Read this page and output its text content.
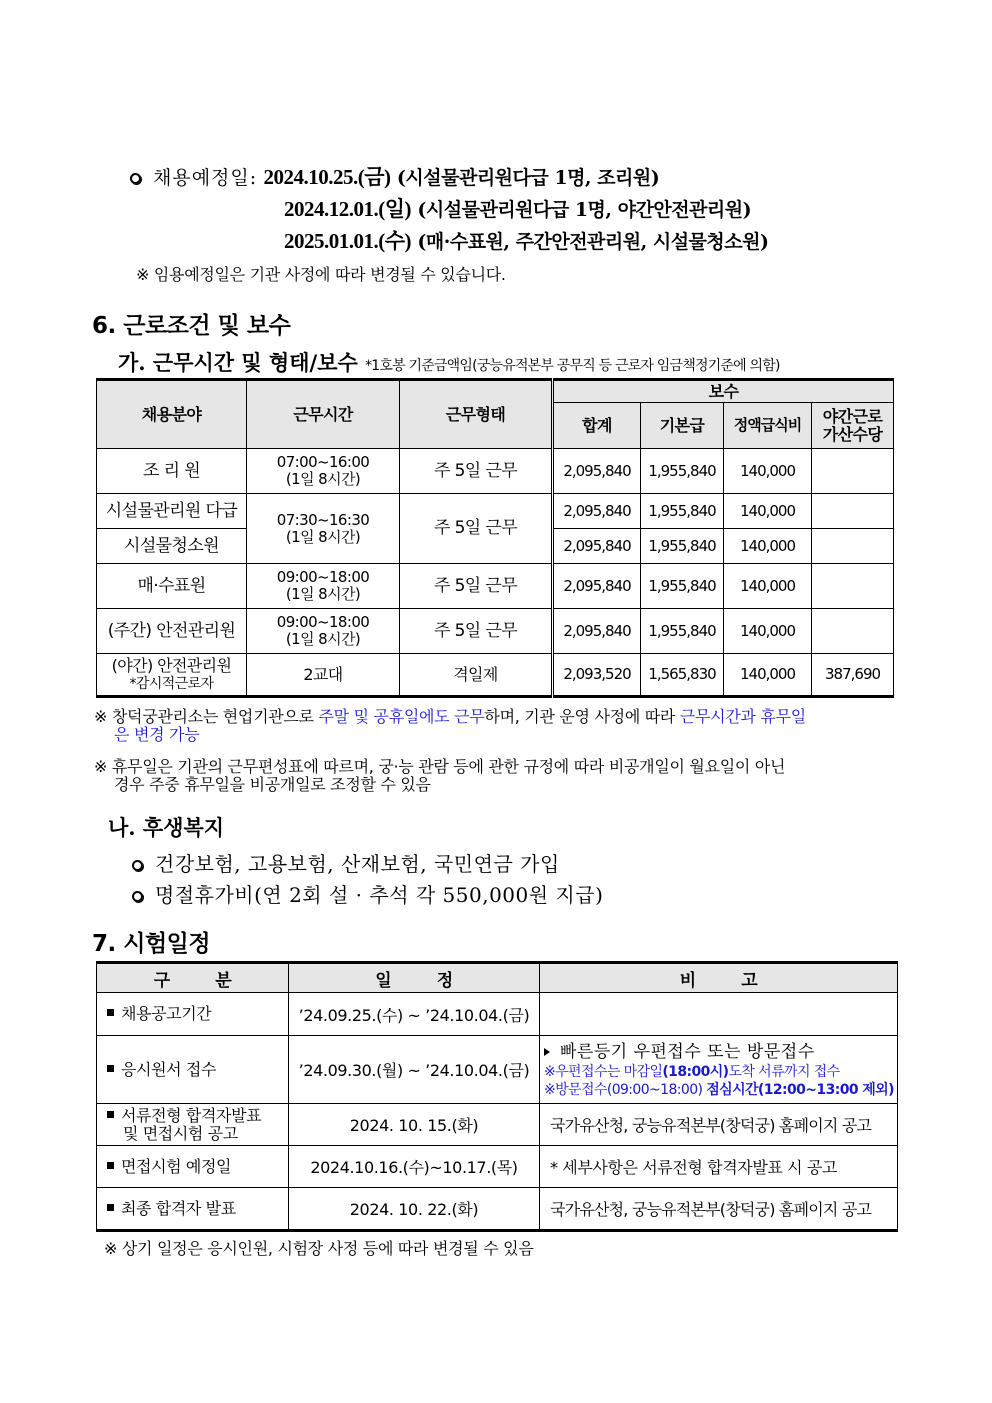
채용예정일: 2024.10.25.(금) (시설물관리원다급 1명, 조리원)
2024.12.01.(일) (시설물관리원다급 1명, 야간안전관리원)
2025.01.01.(수) (매·수표원, 주간안전관리원, 시설물청소원)
※ 임용예정일은 기관 사정에 따라 변경될 수 있습니다.
6. 근로조건 및 보수
가. 근무시간 및 형태/보수 *1호봉 기준금액임(궁능유적본부 공무직 등 근로자 임금책정기준에 의함)
채용분야	근무시간	근무형태	보수			
			합계	기본급	정액급식비	야간근로
가산수당
조 리 원	07:00~16:00
(1일 8시간)	주 5일 근무	2,095,840	1,955,840	140,000	
시설물관리원 다급	07:30~16:30
(1일 8시간)	주 5일 근무	2,095,840	1,955,840	140,000	
시설물청소원			2,095,840	1,955,840	140,000	
매·수표원	09:00~18:00
(1일 8시간)	주 5일 근무	2,095,840	1,955,840	140,000	
(주간) 안전관리원	09:00~18:00
(1일 8시간)	주 5일 근무	2,095,840	1,955,840	140,000	
(야간) 안전관리원
*감시적근로자	2교대	격일제	2,093,520	1,565,830	140,000	387,690
※ 창덕궁관리소는 현업기관으로 주말 및 공휴일에도 근무하며, 기관 운영 사정에 따라 근무시간과 휴무일
은 변경 가능
※ 휴무일은 기관의 근무편성표에 따르며, 궁·능 관람 등에 관한 규정에 따라 비공개일이 월요일이 아닌
경우 주중 휴무일을 비공개일로 조정할 수 있음
나. 후생복지
건강보험, 고용보험, 산재보험, 국민연금 가입
명절휴가비(연 2회 설 · 추석 각 550,000원 지급)
7. 시험일정
구 분	일 정	비 고
채용공고기간	’24.09.25.(수) ~ ’24.10.04.(금)	
응시원서 접수	’24.09.30.(월) ~ ’24.10.04.(금)	빠른등기 우편접수 또는 방문접수
※우편접수는 마감일(18:00시)도착 서류까지 접수
※방문접수(09:00~18:00) 점심시간(12:00~13:00 제외)

서류전형 합격자발표
및 면접시험 공고	2024. 10. 15.(화)	국가유산청, 궁능유적본부(창덕궁) 홈페이지 공고
면접시험 예정일	2024.10.16.(수)~10.17.(목)	* 세부사항은 서류전형 합격자발표 시 공고
최종 합격자 발표	2024. 10. 22.(화)	국가유산청, 궁능유적본부(창덕궁) 홈페이지 공고
※ 상기 일정은 응시인원, 시험장 사정 등에 따라 변경될 수 있음
